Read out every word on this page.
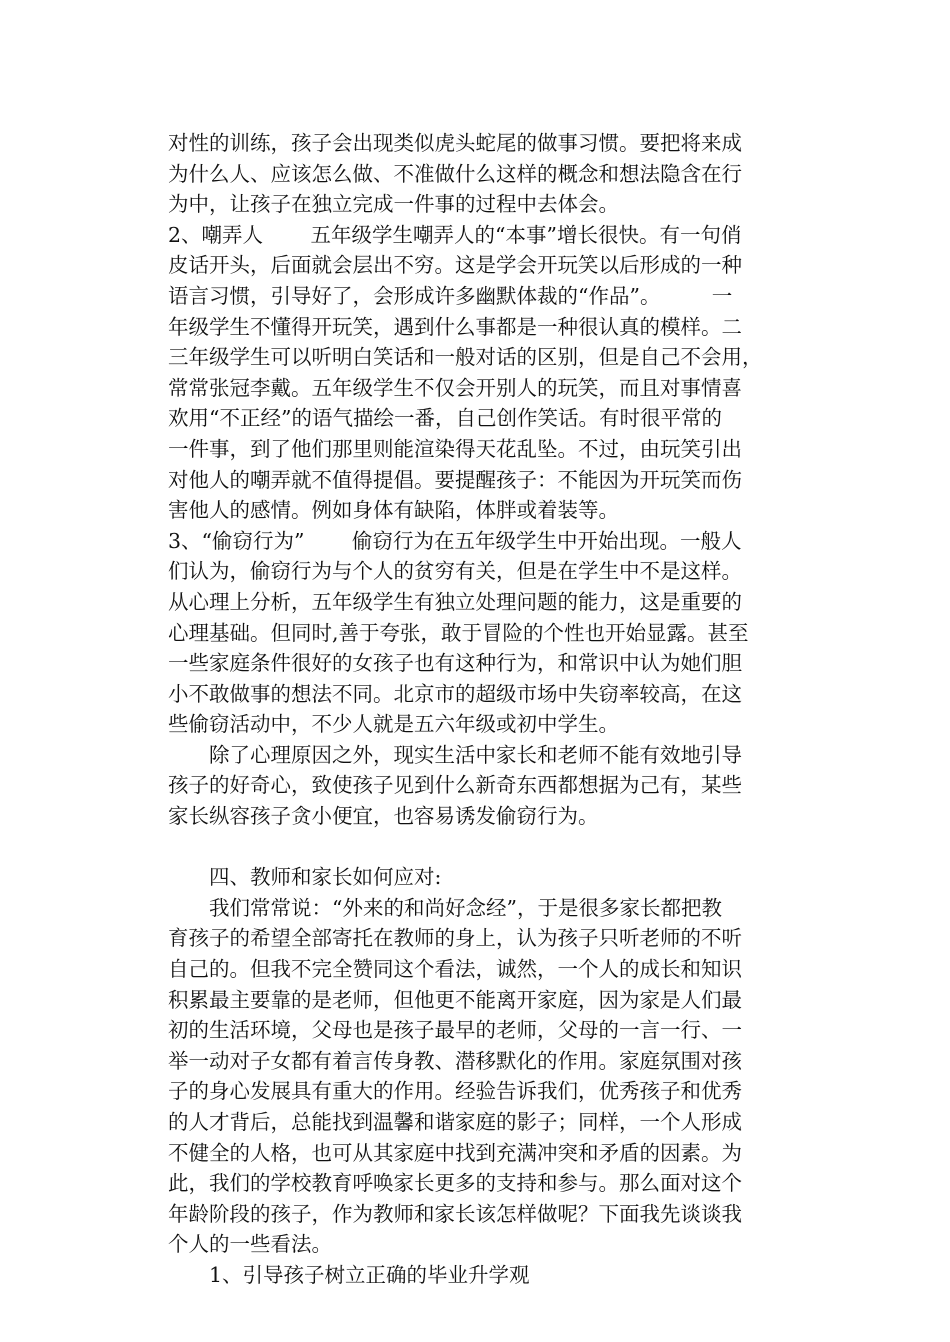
对性的训练，孩子会出现类似虎头蛇尾的做事习惯。要把将来成
为什么人、应该怎么做、不准做什么这样的概念和想法隐含在行
为中，让孩子在独立完成一件事的过程中去体会。
2、嘲弄人　　 五年级学生嘲弄人的“本事”增长很快。有一句俏
皮话开头，后面就会层出不穷。这是学会开玩笑以后形成的一种
语言习惯，引导好了，会形成许多幽默体裁的“作品”。　　　一
年级学生不懂得开玩笑，遇到什么事都是一种很认真的模样。二
三年级学生可以听明白笑话和一般对话的区别，但是自己不会用，
常常张冠李戴。五年级学生不仅会开别人的玩笑，而且对事情喜
欢用“不正经”的语气描绘一番，自己创作笑话。有时很平常的
一件事，到了他们那里则能渲染得天花乱坠。不过，由玩笑引出
对他人的嘲弄就不值得提倡。要提醒孩子：不能因为开玩笑而伤
害他人的感情。例如身体有缺陷，体胖或着装等。
3、“偷窃行为”　　 偷窃行为在五年级学生中开始出现。一般人
们认为，偷窃行为与个人的贫穷有关，但是在学生中不是这样。
从心理上分析，五年级学生有独立处理问题的能力，这是重要的
心理基础。但同时,善于夸张，敢于冒险的个性也开始显露。甚至
一些家庭条件很好的女孩子也有这种行为，和常识中认为她们胆
小不敢做事的想法不同。北京市的超级市场中失窃率较高，在这
些偷窃活动中，不少人就是五六年级或初中学生。
除了心理原因之外，现实生活中家长和老师不能有效地引导
孩子的好奇心，致使孩子见到什么新奇东西都想据为己有，某些
家长纵容孩子贪小便宜，也容易诱发偷窃行为。
四、教师和家长如何应对:
我们常常说：“外来的和尚好念经”，于是很多家长都把教
育孩子的希望全部寄托在教师的身上，认为孩子只听老师的不听
自己的。但我不完全赞同这个看法，诚然，一个人的成长和知识
积累最主要靠的是老师，但他更不能离开家庭，因为家是人们最
初的生活环境，父母也是孩子最早的老师，父母的一言一行、一
举一动对子女都有着言传身教、潜移默化的作用。家庭氛围对孩
子的身心发展具有重大的作用。经验告诉我们，优秀孩子和优秀
的人才背后，总能找到温馨和谐家庭的影子；同样，一个人形成
不健全的人格，也可从其家庭中找到充满冲突和矛盾的因素。为
此，我们的学校教育呼唤家长更多的支持和参与。那么面对这个
年龄阶段的孩子，作为教师和家长该怎样做呢？下面我先谈谈我
个人的一些看法。
1、引导孩子树立正确的毕业升学观
